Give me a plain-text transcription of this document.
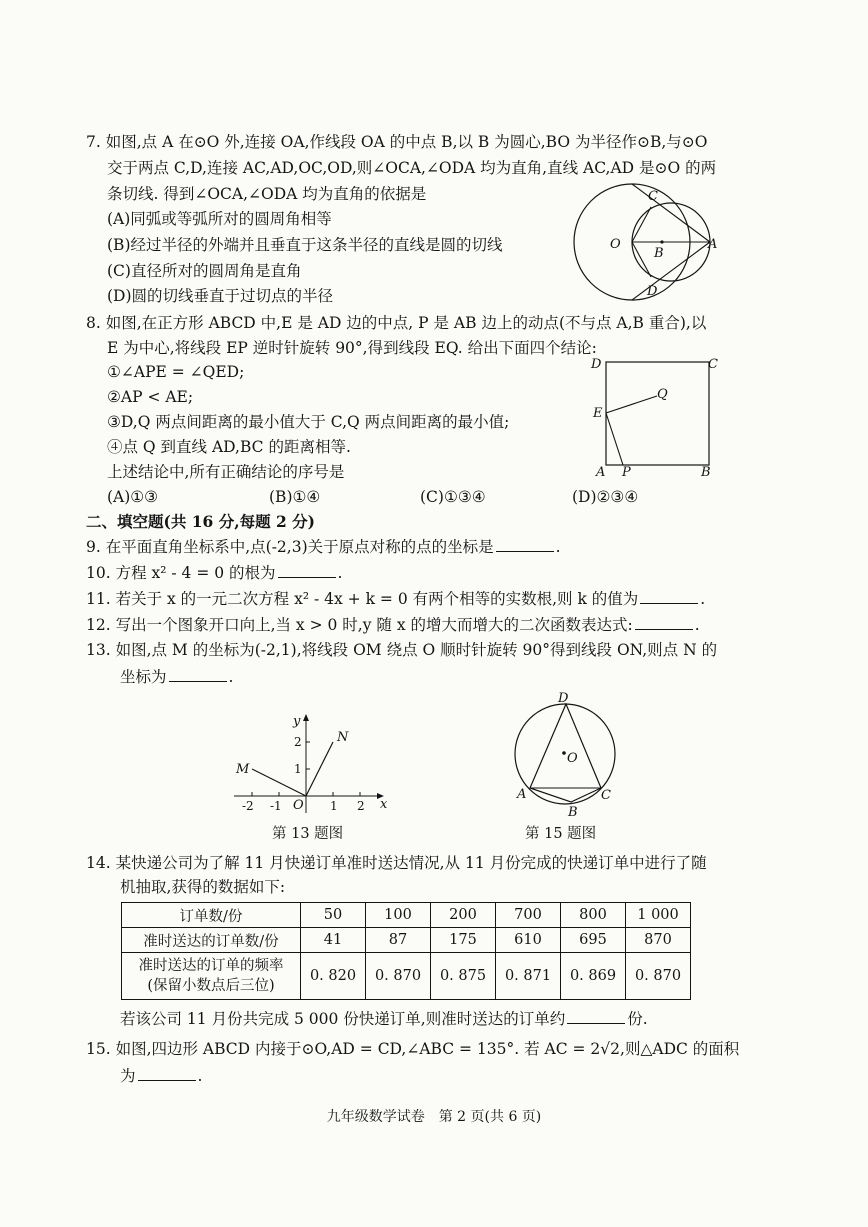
7. 如图,点 A 在⊙O 外,连接 OA,作线段 OA 的中点 B,以 B 为圆心,BO 为半径作⊙B,与⊙O
交于两点 C,D,连接 AC,AD,OC,OD,则∠OCA,∠ODA 均为直角,直线 AC,AD 是⊙O 的两
条切线. 得到∠OCA,∠ODA 均为直角的依据是
(A)同弧或等弧所对的圆周角相等
(B)经过半径的外端并且垂直于这条半径的直线是圆的切线
(C)直径所对的圆周角是直角
(D)圆的切线垂直于过切点的半径
C
O
B
A
D
8. 如图,在正方形 ABCD 中,E 是 AD 边的中点, P 是 AB 边上的动点(不与点 A,B 重合),以
E 为中心,将线段 EP 逆时针旋转 90°,得到线段 EQ. 给出下面四个结论:
①∠APE = ∠QED;
②AP < AE;
③D,Q 两点间距离的最小值大于 C,Q 两点间距离的最小值;
④点 Q 到直线 AD,BC 的距离相等.
上述结论中,所有正确结论的序号是
(A)①③	(B)①④	(C)①③④	(D)②③④
D	C
E
Q
A P	B
二、填空题(共 16 分,每题 2 分)
9. 在平面直角坐标系中,点(-2,3)关于原点对称的点的坐标是	.
10. 方程 x² - 4 = 0 的根为	.
11. 若关于 x 的一元二次方程 x² - 4x + k = 0 有两个相等的实数根,则 k 的值为	.
12. 写出一个图象开口向上,当 x > 0 时,y 随 x 的增大而增大的二次函数表达式:	.
13. 如图,点 M 的坐标为(-2,1),将线段 OM 绕点 O 顺时针旋转 90°得到线段 ON,则点 N 的
坐标为	.
y
x
O
M
N
2
1
-2 -1	1 2
第 13 题图
D
O
A
B
C
第 15 题图
14. 某快递公司为了解 11 月快递订单准时送达情况,从 11 月份完成的快递订单中进行了随
机抽取,获得的数据如下:
订单数/份	50	100	200	700	800	1 000
准时送达的订单数/份	41	87	175	610	695	870

准时送达的订单的频率
(保留小数点后三位)	0. 820	0. 870	0. 875	0. 871	0. 869	0. 870
若该公司 11 月份共完成 5 000 份快递订单,则准时送达的订单约	份.
15. 如图,四边形 ABCD 内接于⊙O,AD = CD,∠ABC = 135°. 若 AC = 2√2,则△ADC 的面积
为	.
九年级数学试卷　第 2 页(共 6 页)
